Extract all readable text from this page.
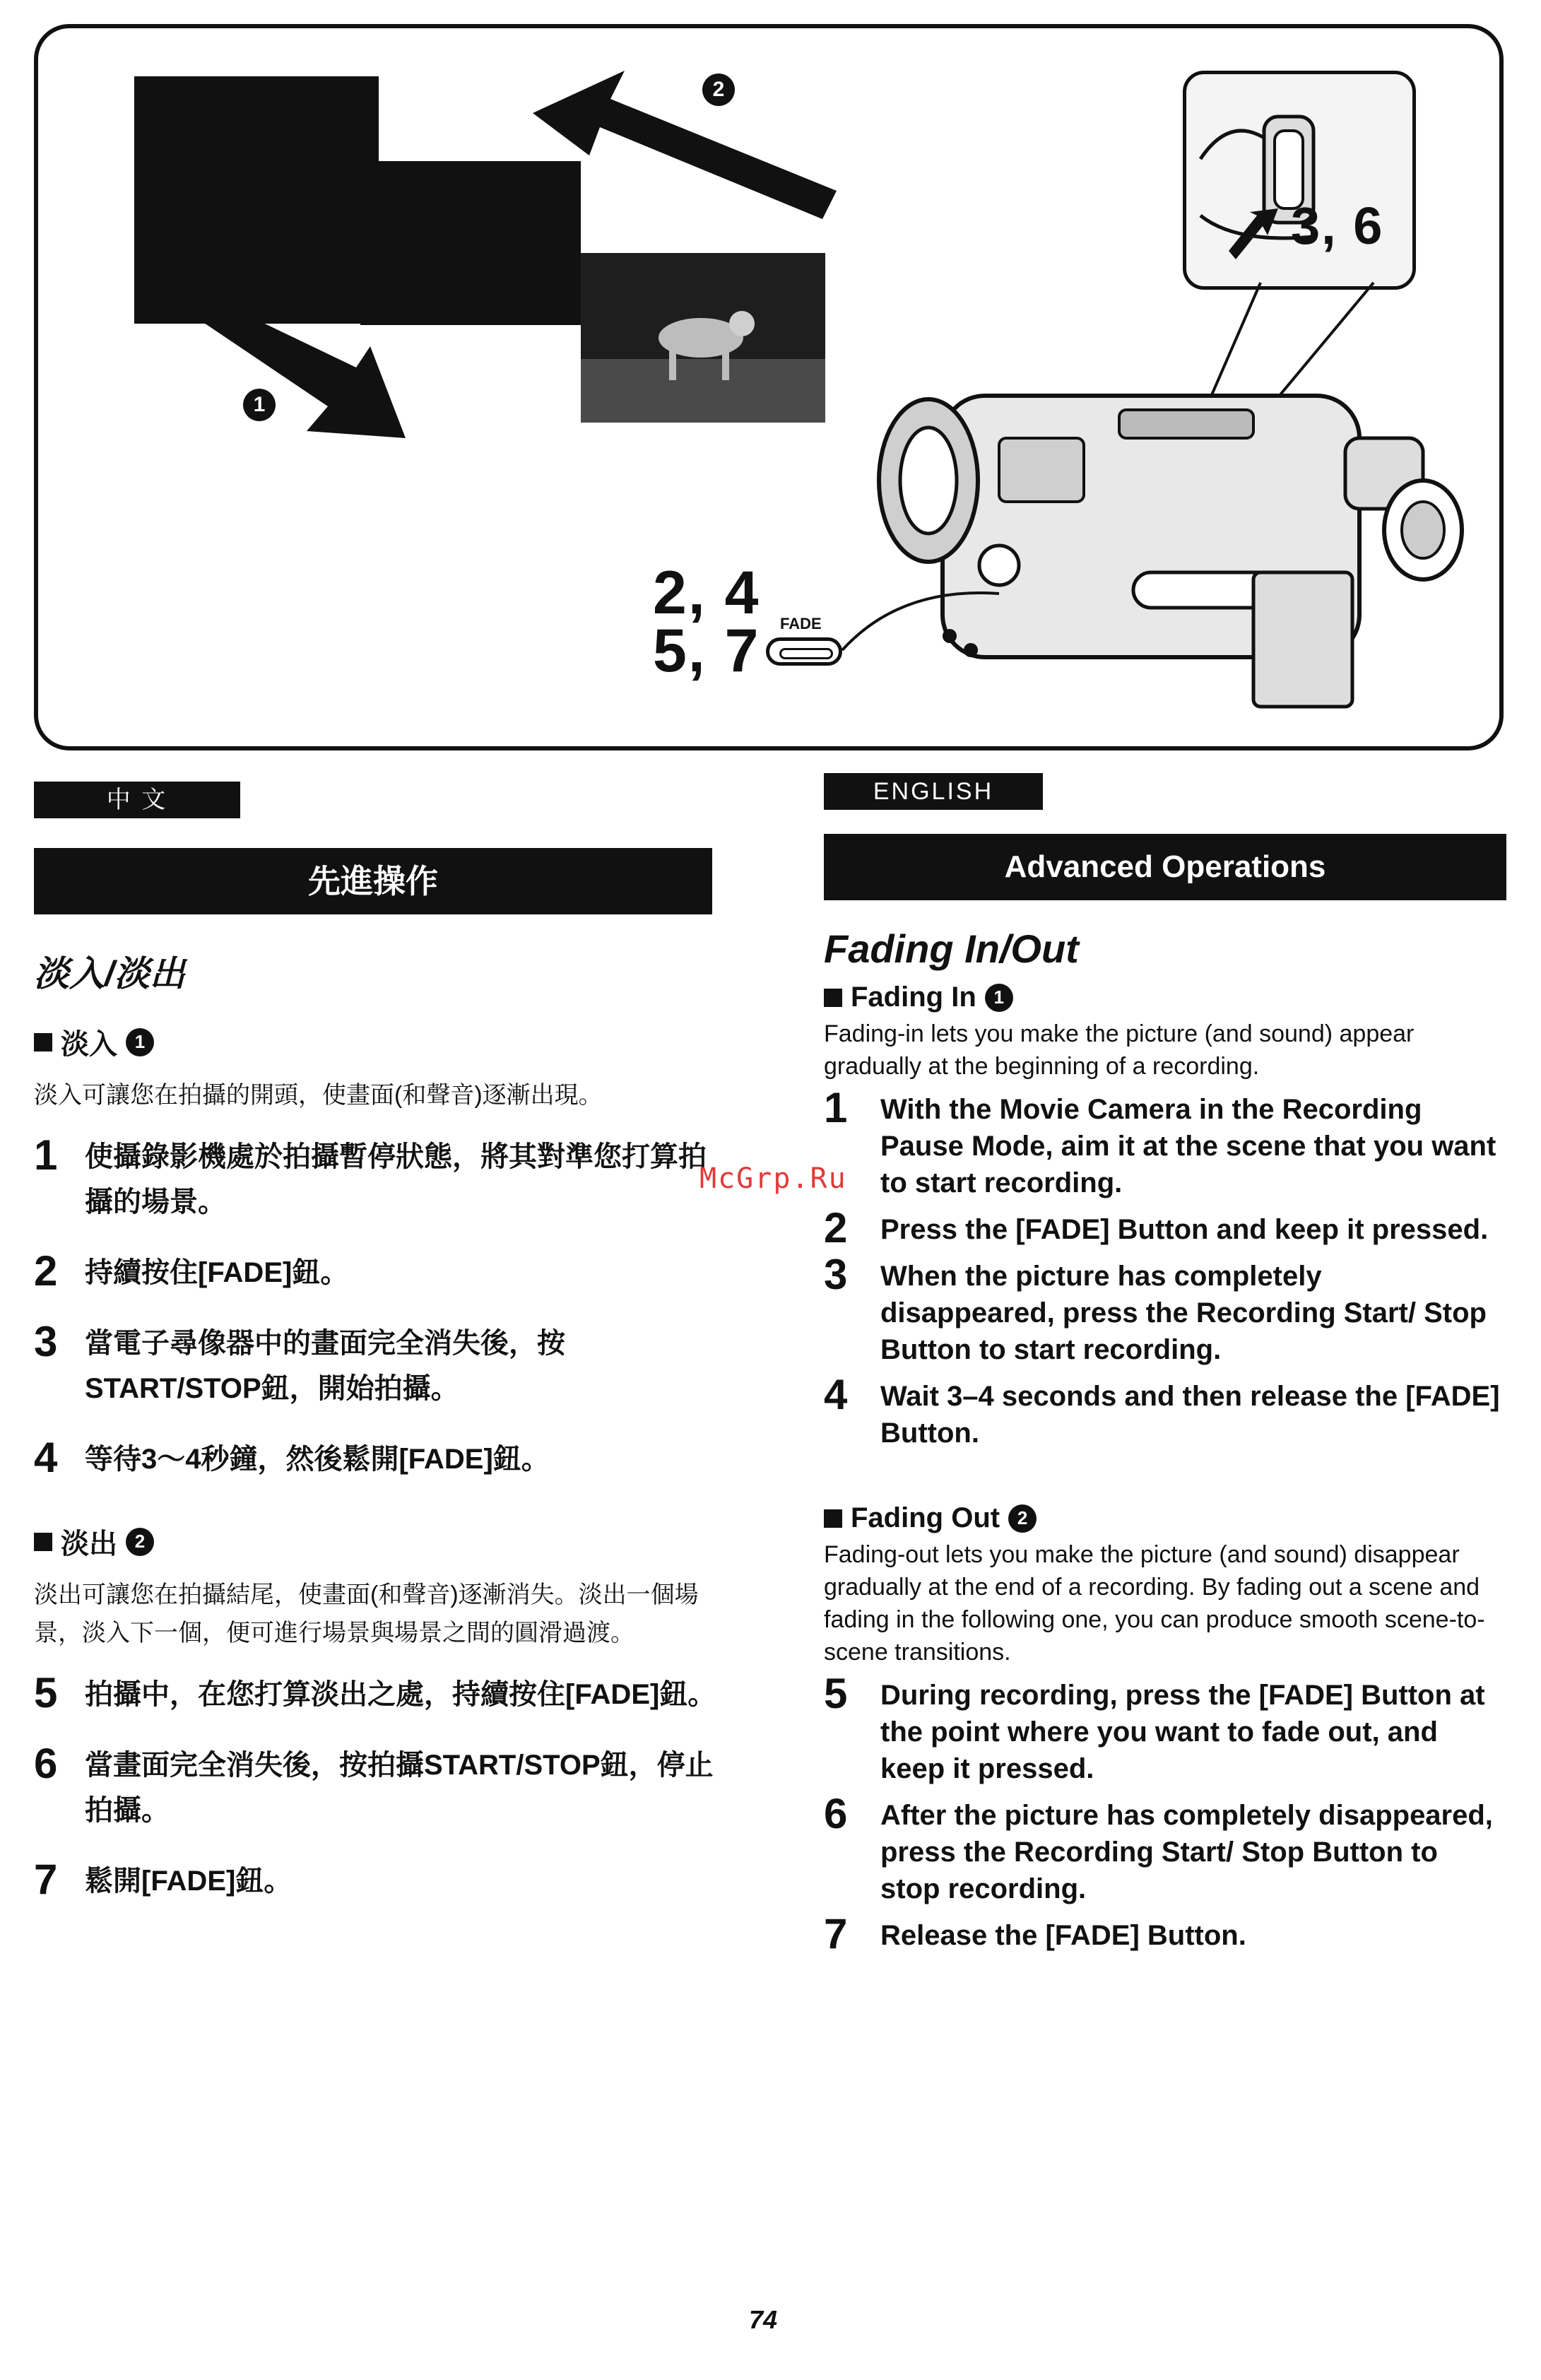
1
2
3, 6
2, 4
5, 7 FADE
中 文
先進操作
淡入/淡出
淡入 1

淡入可讓您在拍攝的開頭，使畫面(和聲音)逐漸出現。

1 使攝錄影機處於拍攝暫停狀態，將其對準您打算拍攝的場景。
2 持續按住[FADE]鈕。
3 當電子尋像器中的畫面完全消失後，按START/STOP鈕，開始拍攝。
4 等待3～4秒鐘，然後鬆開[FADE]鈕。
淡出 2

淡出可讓您在拍攝結尾，使畫面(和聲音)逐漸消失。淡出一個場景，淡入下一個，便可進行場景與場景之間的圓滑過渡。

5 拍攝中，在您打算淡出之處，持續按住[FADE]鈕。
6 當畫面完全消失後，按拍攝START/STOP鈕，停止拍攝。
7 鬆開[FADE]鈕。
ENGLISH
Advanced Operations
Fading In/Out
Fading In 1

Fading-in lets you make the picture (and sound) appear gradually at the beginning of a recording.

1 With the Movie Camera in the Recording Pause Mode, aim it at the scene that you want to start recording.
2 Press the [FADE] Button and keep it pressed.
3 When the picture has completely disappeared, press the Recording Start/ Stop Button to start recording.
4 Wait 3–4 seconds and then release the [FADE] Button.
Fading Out 2

Fading-out lets you make the picture (and sound) disappear gradually at the end of a recording. By fading out a scene and fading in the following one, you can produce smooth scene-to-scene transitions.

5 During recording, press the [FADE] Button at the point where you want to fade out, and keep it pressed.
6 After the picture has completely disappeared, press the Recording Start/ Stop Button to stop recording.
7 Release the [FADE] Button.
McGrp.Ru
74
